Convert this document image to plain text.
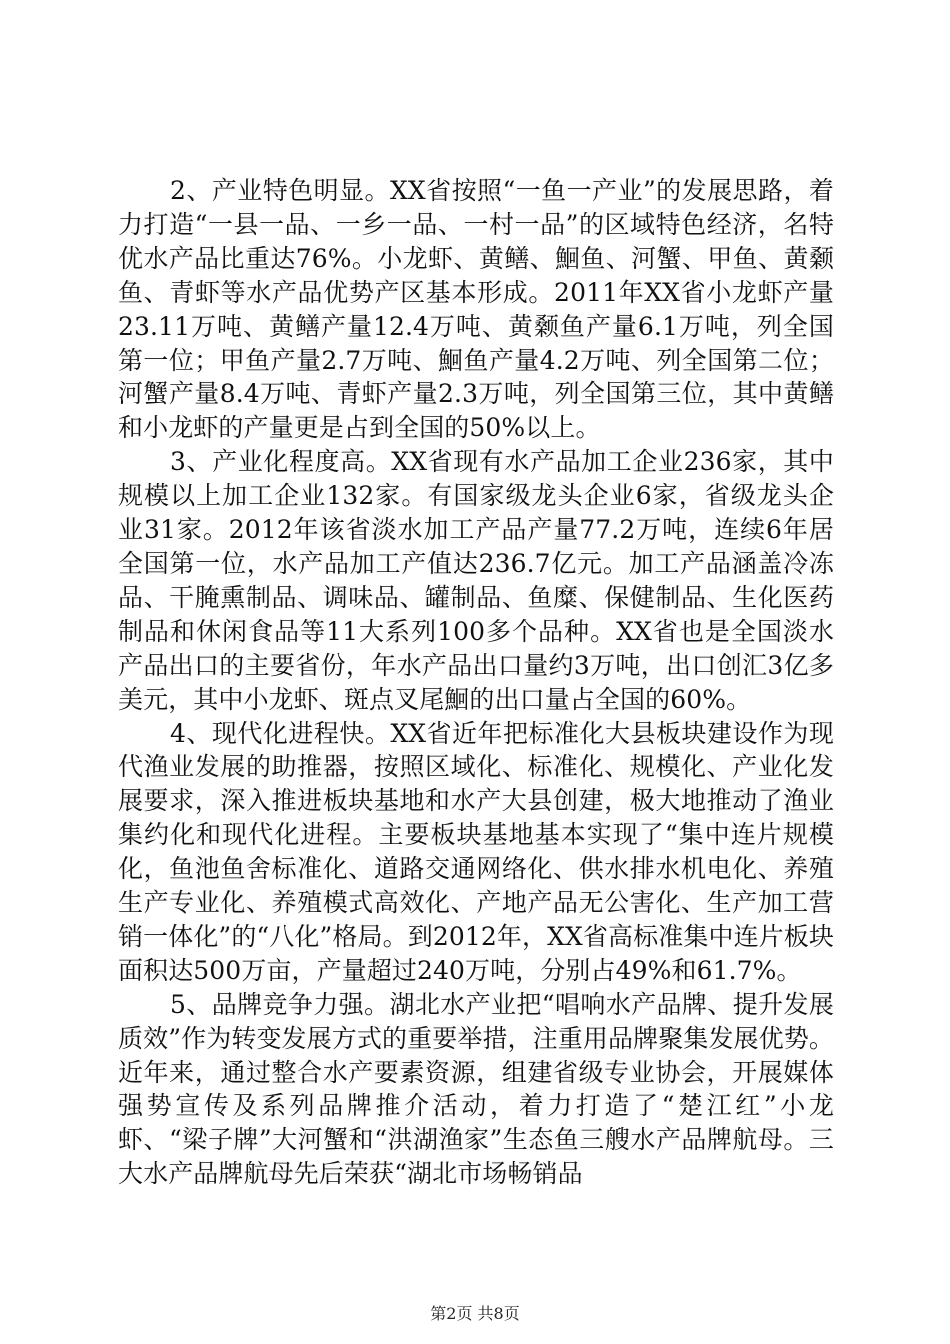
2、产业特色明显。XX省按照“一鱼一产业”的发展思路，着力打造“一县一品、一乡一品、一村一品”的区域特色经济，名特优水产品比重达76%。小龙虾、黄鳝、鮰鱼、河蟹、甲鱼、黄颡鱼、青虾等水产品优势产区基本形成。2011年XX省小龙虾产量23.11万吨、黄鳝产量12.4万吨、黄颡鱼产量6.1万吨，列全国第一位；甲鱼产量2.7万吨、鮰鱼产量4.2万吨、列全国第二位；河蟹产量8.4万吨、青虾产量2.3万吨，列全国第三位，其中黄鳝和小龙虾的产量更是占到全国的50%以上。

3、产业化程度高。XX省现有水产品加工企业236家，其中规模以上加工企业132家。有国家级龙头企业6家，省级龙头企业31家。2012年该省淡水加工产品产量77.2万吨，连续6年居全国第一位，水产品加工产值达236.7亿元。加工产品涵盖冷冻品、干腌熏制品、调味品、罐制品、鱼糜、保健制品、生化医药制品和休闲食品等11大系列100多个品种。XX省也是全国淡水产品出口的主要省份，年水产品出口量约3万吨，出口创汇3亿多美元，其中小龙虾、斑点叉尾鮰的出口量占全国的60%。

4、现代化进程快。XX省近年把标准化大县板块建设作为现代渔业发展的助推器，按照区域化、标准化、规模化、产业化发展要求，深入推进板块基地和水产大县创建，极大地推动了渔业集约化和现代化进程。主要板块基地基本实现了“集中连片规模化，鱼池鱼舍标准化、道路交通网络化、供水排水机电化、养殖生产专业化、养殖模式高效化、产地产品无公害化、生产加工营销一体化”的“八化”格局。到2012年，XX省高标准集中连片板块面积达500万亩，产量超过240万吨，分别占49%和61.7%。

5、品牌竞争力强。湖北水产业把“唱响水产品牌、提升发展质效”作为转变发展方式的重要举措，注重用品牌聚集发展优势。近年来，通过整合水产要素资源，组建省级专业协会，开展媒体强势宣传及系列品牌推介活动，着力打造了“楚江红”小龙虾、“梁子牌”大河蟹和“洪湖渔家”生态鱼三艘水产品牌航母。三大水产品牌航母先后荣获“湖北市场畅销品

第2页 共8页
